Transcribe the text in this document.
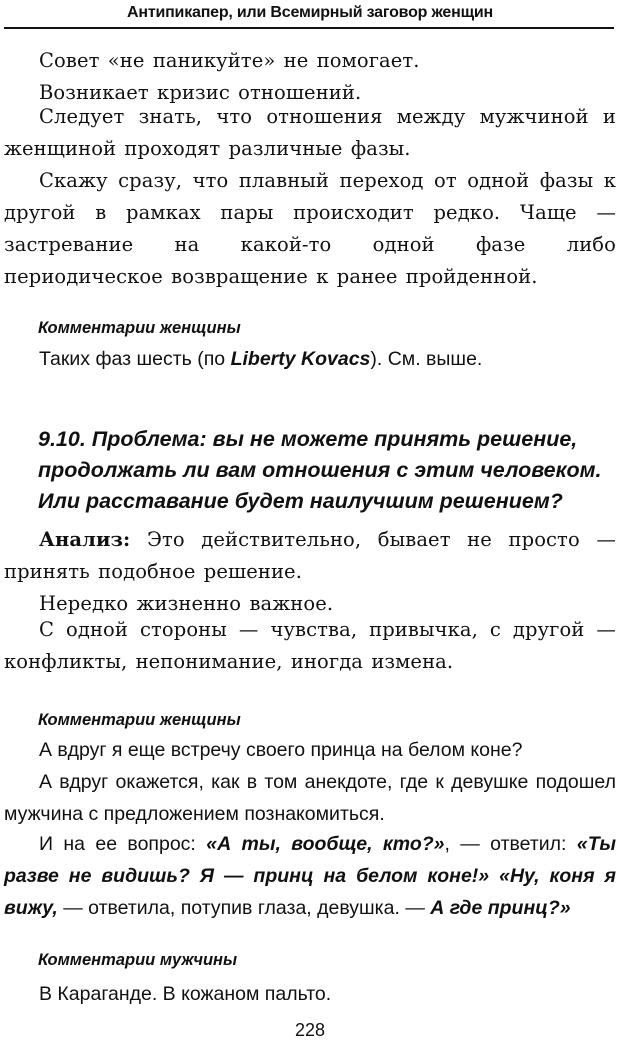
Антипикапер, или Всемирный заговор женщин

Совет «не паникуйте» не помогает.

Возникает кризис отношений.

Следует знать, что отношения между мужчиной и женщиной проходят различные фазы.

Скажу сразу, что плавный переход от одной фазы к другой в рамках пары происходит редко. Чаще — застревание на какой-то одной фазе либо периодическое возвращение к ранее пройденной.

Комментарии женщины

Таких фаз шесть (по Liberty Kovacs). См. выше.

9.10. Проблема: вы не можете принять решение, продолжать ли вам отношения с этим человеком. Или расставание будет наилучшим решением?

Анализ: Это действительно, бывает не просто — принять подобное решение.

Нередко жизненно важное.

С одной стороны — чувства, привычка, с другой — конфликты, непонимание, иногда измена.

Комментарии женщины

А вдруг я еще встречу своего принца на белом коне?

А вдруг окажется, как в том анекдоте, где к девушке подошел мужчина с предложением познакомиться.

И на ее вопрос: «А ты, вообще, кто?», — ответил: «Ты разве не видишь? Я — принц на белом коне!» «Ну, коня я вижу, — ответила, потупив глаза, девушка. — А где принц?»

Комментарии мужчины

В Караганде. В кожаном пальто.

228
